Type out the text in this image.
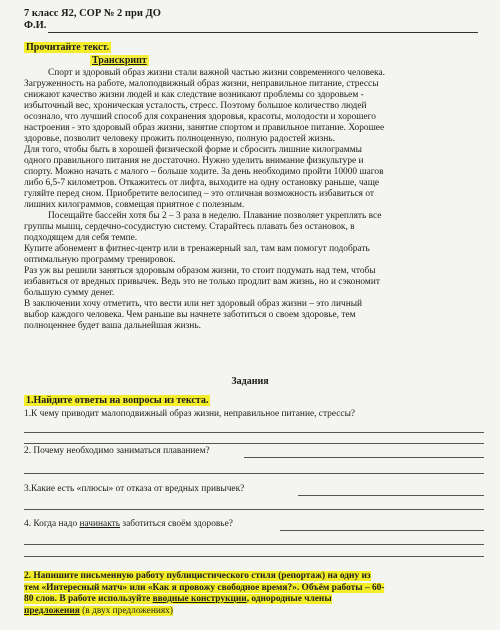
7 класс Я2, СОР № 2 при ДО
Ф.И.
Прочитайте текст.
Транскрипт
Спорт и здоровый образ жизни стали важной частью жизни современного человека.
Загруженность на работе, малоподвижный образ жизни, неправильное питание, стрессы
снижают качество жизни людей и как следствие возникают проблемы со здоровьем -
избыточный вес, хроническая усталость, стресс. Поэтому большое количество людей
осознало, что лучший способ для сохранения здоровья, красоты, молодости и хорошего
настроения - это здоровый образ жизни, занятие спортом и правильное питание. Хорошее
здоровье, позволит человеку прожить полноценную, полную радостей жизнь.
Для того, чтобы быть в хорошей физической форме и сбросить лишние килограммы
одного правильного питания не достаточно. Нужно уделить внимание физкультуре и
спорту. Можно начать с малого – больше ходите. За день необходимо пройти 10000 шагов
либо 6,5-7 километров. Откажитесь от лифта, выходите на одну остановку раньше, чаще
гуляйте перед сном. Приобретите велосипед – это отличная возможность избавиться от
лишних килограммов, совмещая приятное с полезным.
Посещайте бассейн хотя бы 2 – 3 раза в неделю. Плавание позволяет укреплять все
группы мышц, сердечно-сосудистую систему. Старайтесь плавать без остановок, в
подходящем для себя темпе.
Купите абонемент в фитнес-центр или в тренажерный зал, там вам помогут подобрать
оптимальную программу тренировок.
Раз уж вы решили заняться здоровым образом жизни, то стоит подумать над тем, чтобы
избавиться от вредных привычек. Ведь это не только продлит вам жизнь, но и сэкономит
большую сумму денег.
В заключении хочу отметить, что вести или нет здоровый образ жизни – это личный
выбор каждого человека. Чем раньше вы начнете заботиться о своем здоровье, тем
полноценнее будет ваша дальнейшая жизнь.
Задания
1.Найдите ответы на вопросы из текста.
1.К чему приводит малоподвижный образ жизни, неправильное питание, стрессы?
2. Почему необходимо заниматься плаванием?
3.Какие есть «плюсы» от отказа от вредных привычек?
4. Когда надо начинакть заботиться своём здоровье?
2. Напишите письменную работу публицистического стиля (репортаж) на одну из
тем «Интересный матч» или «Как я провожу свободное время?». Объём работы – 60-
80 слов. В работе используйте вводные конструкции, однородные члены
предложения (в двух предложениях)
